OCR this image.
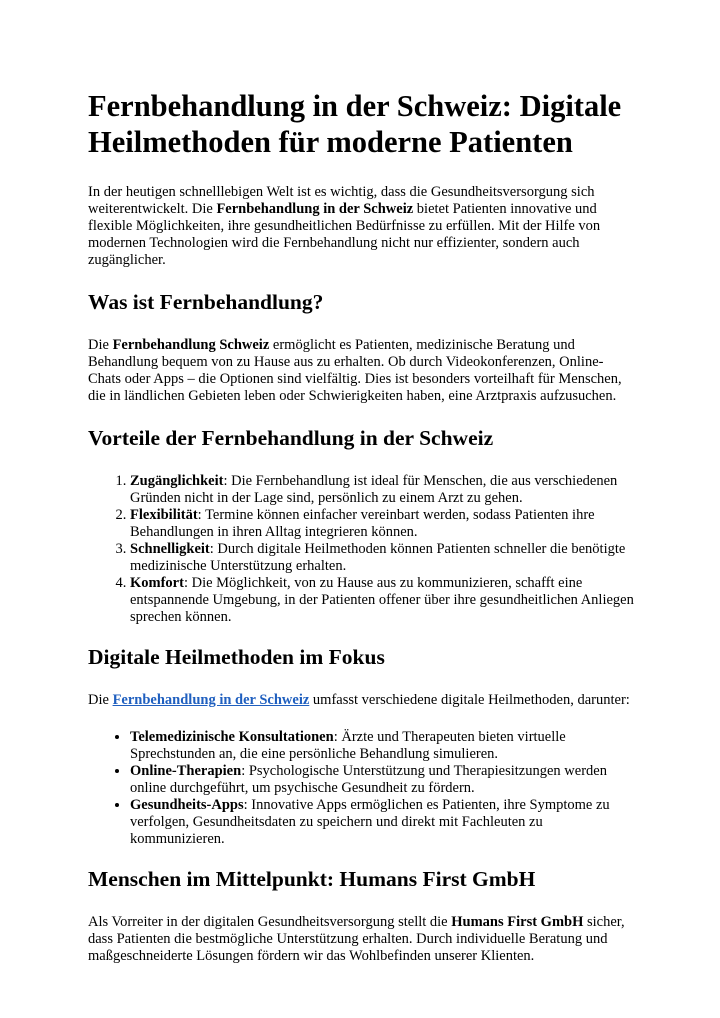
Fernbehandlung in der Schweiz: Digitale Heilmethoden für moderne Patienten

In der heutigen schnelllebigen Welt ist es wichtig, dass die Gesundheitsversorgung sich weiterentwickelt. Die Fernbehandlung in der Schweiz bietet Patienten innovative und flexible Möglichkeiten, ihre gesundheitlichen Bedürfnisse zu erfüllen. Mit der Hilfe von modernen Technologien wird die Fernbehandlung nicht nur effizienter, sondern auch zugänglicher.

Was ist Fernbehandlung?

Die Fernbehandlung Schweiz ermöglicht es Patienten, medizinische Beratung und Behandlung bequem von zu Hause aus zu erhalten. Ob durch Videokonferenzen, Online-Chats oder Apps – die Optionen sind vielfältig. Dies ist besonders vorteilhaft für Menschen, die in ländlichen Gebieten leben oder Schwierigkeiten haben, eine Arztpraxis aufzusuchen.

Vorteile der Fernbehandlung in der Schweiz
1. Zugänglichkeit: Die Fernbehandlung ist ideal für Menschen, die aus verschiedenen Gründen nicht in der Lage sind, persönlich zu einem Arzt zu gehen.
2. Flexibilität: Termine können einfacher vereinbart werden, sodass Patienten ihre Behandlungen in ihren Alltag integrieren können.
3. Schnelligkeit: Durch digitale Heilmethoden können Patienten schneller die benötigte medizinische Unterstützung erhalten.
4. Komfort: Die Möglichkeit, von zu Hause aus zu kommunizieren, schafft eine entspannende Umgebung, in der Patienten offener über ihre gesundheitlichen Anliegen sprechen können.
Digitale Heilmethoden im Fokus

Die Fernbehandlung in der Schweiz umfasst verschiedene digitale Heilmethoden, darunter:

• Telemedizinische Konsultationen: Ärzte und Therapeuten bieten virtuelle Sprechstunden an, die eine persönliche Behandlung simulieren.
• Online-Therapien: Psychologische Unterstützung und Therapiesitzungen werden online durchgeführt, um psychische Gesundheit zu fördern.
• Gesundheits-Apps: Innovative Apps ermöglichen es Patienten, ihre Symptome zu verfolgen, Gesundheitsdaten zu speichern und direkt mit Fachleuten zu kommunizieren.
Menschen im Mittelpunkt: Humans First GmbH

Als Vorreiter in der digitalen Gesundheitsversorgung stellt die Humans First GmbH sicher, dass Patienten die bestmögliche Unterstützung erhalten. Durch individuelle Beratung und maßgeschneiderte Lösungen fördern wir das Wohlbefinden unserer Klienten.
